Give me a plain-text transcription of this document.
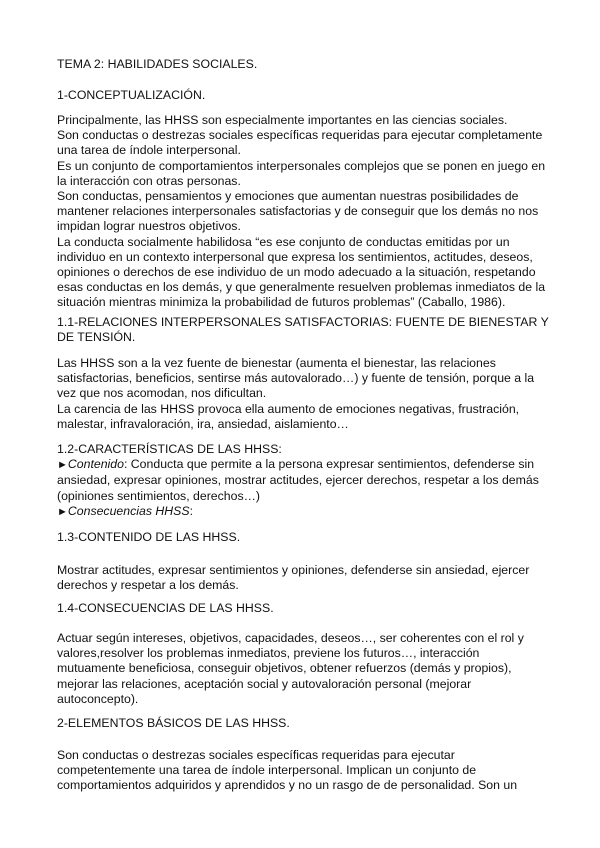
TEMA 2: HABILIDADES SOCIALES.
1-CONCEPTUALIZACIÓN.
Principalmente, las HHSS son especialmente importantes en las ciencias sociales.
Son conductas o destrezas sociales específicas requeridas para ejecutar completamente
una tarea de índole interpersonal.
Es un conjunto de comportamientos interpersonales complejos que se ponen en juego en
la interacción con otras personas.
Son conductas, pensamientos y emociones que aumentan nuestras posibilidades de
mantener relaciones interpersonales satisfactorias y de conseguir que los demás no nos
impidan lograr nuestros objetivos.
La conducta socialmente habilidosa “es ese conjunto de conductas emitidas por un
individuo en un contexto interpersonal que expresa los sentimientos, actitudes, deseos,
opiniones o derechos de ese individuo de un modo adecuado a la situación, respetando
esas conductas en los demás, y que generalmente resuelven problemas inmediatos de la
situación mientras minimiza la probabilidad de futuros problemas” (Caballo, 1986).
1.1-RELACIONES INTERPERSONALES SATISFACTORIAS: FUENTE DE BIENESTAR Y
DE TENSIÓN.
Las HHSS son a la vez fuente de bienestar (aumenta el bienestar, las relaciones
satisfactorias, beneficios, sentirse más autovalorado…) y fuente de tensión, porque a la
vez que nos acomodan, nos dificultan.
La carencia de las HHSS provoca ella aumento de emociones negativas, frustración,
malestar, infravaloración, ira, ansiedad, aislamiento…
1.2-CARACTERÍSTICAS DE LAS HHSS:
►Contenido: Conducta que permite a la persona expresar sentimientos, defenderse sin
ansiedad, expresar opiniones, mostrar actitudes, ejercer derechos, respetar a los demás
(opiniones sentimientos, derechos…)
►Consecuencias HHSS:
1.3-CONTENIDO DE LAS HHSS.
Mostrar actitudes, expresar sentimientos y opiniones, defenderse sin ansiedad, ejercer
derechos y respetar a los demás.
1.4-CONSECUENCIAS DE LAS HHSS.
Actuar según intereses, objetivos, capacidades, deseos…, ser coherentes con el rol y
valores,resolver los problemas inmediatos, previene los futuros…, interacción
mutuamente beneficiosa, conseguir objetivos, obtener refuerzos (demás y propios),
mejorar las relaciones, aceptación social y autovaloración personal (mejorar
autoconcepto).
2-ELEMENTOS BÁSICOS DE LAS HHSS.
Son conductas o destrezas sociales específicas requeridas para ejecutar
competentemente una tarea de índole interpersonal. Implican un conjunto de
comportamientos adquiridos y aprendidos y no un rasgo de de personalidad. Son un
